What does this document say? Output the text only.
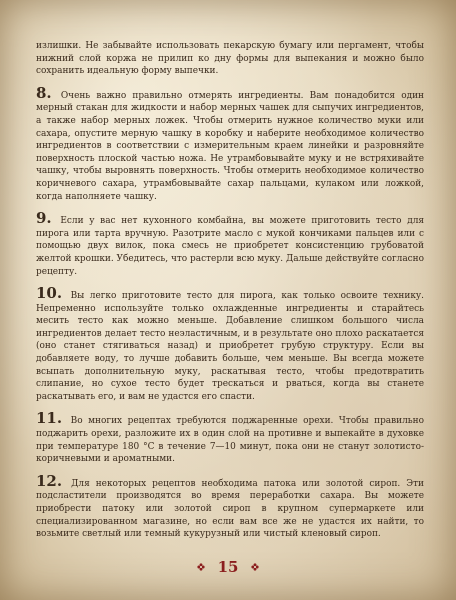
излишки. Не забывайте использовать пекарскую бумагу или пергамент, чтобы нижний слой коржа не прилип ко дну формы для выпекания и можно было сохранить идеальную форму выпечки.

8. Очень важно правильно отмерять ингредиенты. Вам понадобится один мерный стакан для жидкости и набор мерных чашек для сыпучих ингредиентов, а также набор мерных ложек. Чтобы отмерить нужное количество муки или сахара, опустите мерную чашку в коробку и наберите необходимое количество ингредиентов в соответствии с измерительным краем линейки и разровняйте поверхность плоской частью ножа. Не утрамбовывайте муку и не встряхивайте чашку, чтобы выровнять поверхность. Чтобы отмерить необходимое количество коричневого сахара, утрамбовывайте сахар пальцами, кулаком или ложкой, когда наполняете чашку.

9. Если у вас нет кухонного комбайна, вы можете приготовить тесто для пирога или тарта вручную. Разотрите масло с мукой кончиками пальцев или с помощью двух вилок, пока смесь не приобретет консистенцию грубоватой желтой крошки. Убедитесь, что растерли всю муку. Дальше действуйте согласно рецепту.

10. Вы легко приготовите тесто для пирога, как только освоите технику. Непременно используйте только охлажденные ингредиенты и старайтесь месить тесто как можно меньше. Добавление слишком большого числа ингредиентов делает тесто неэластичным, и в результате оно плохо раскатается (оно станет стягиваться назад) и приобретет грубую структуру. Если вы добавляете воду, то лучше добавить больше, чем меньше. Вы всегда можете всыпать дополнительную муку, раскатывая тесто, чтобы предотвратить слипание, но сухое тесто будет трескаться и рваться, когда вы станете раскатывать его, и вам не удастся его спасти.

11. Во многих рецептах требуются поджаренные орехи. Чтобы правильно поджарить орехи, разложите их в один слой на противне и выпекайте в духовке при температуре 180 °C в течение 7—10 минут, пока они не станут золотисто-коричневыми и ароматными.

12. Для некоторых рецептов необходима патока или золотой сироп. Эти подсластители производятся во время переработки сахара. Вы можете приобрести патоку или золотой сироп в крупном супермаркете или специализированном магазине, но если вам все же не удастся их найти, то возьмите светлый или темный кукурузный или чистый кленовый сироп.

15
